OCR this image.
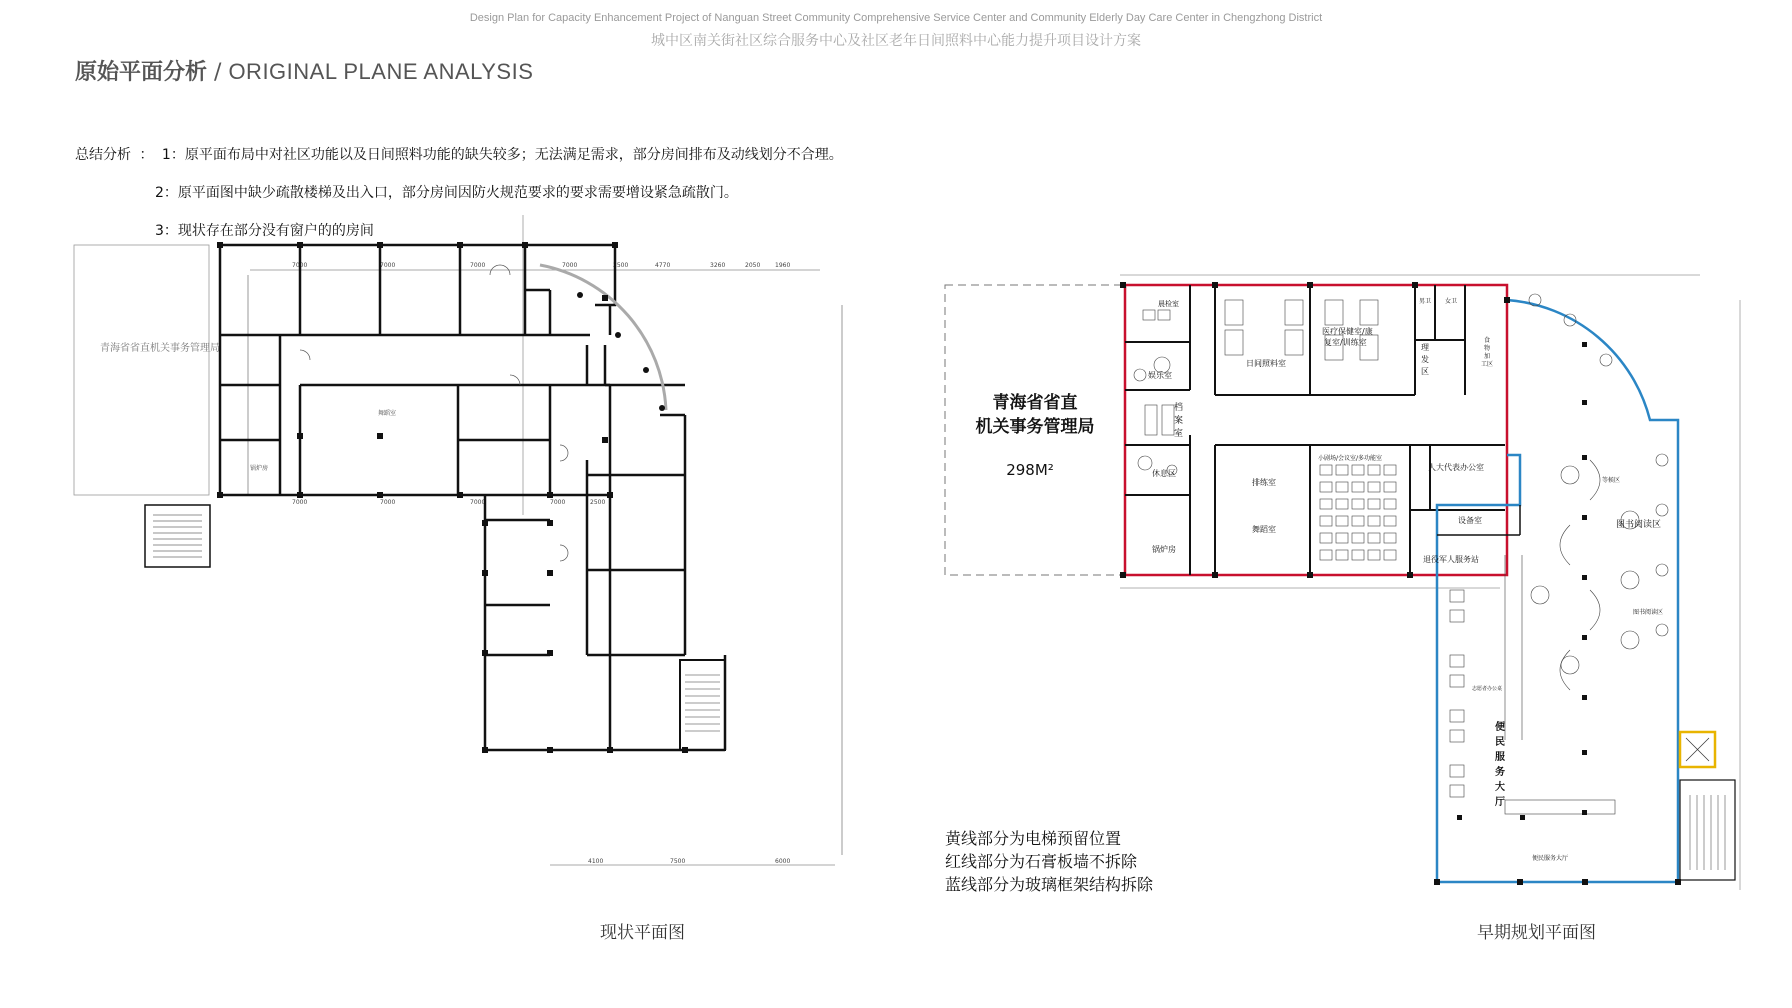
Design Plan for Capacity Enhancement Project of Nanguan Street Community Comprehensive Service Center and Community Elderly Day Care Center in Chengzhong District
城中区南关街社区综合服务中心及社区老年日间照料中心能力提升项目设计方案
原始平面分析 / ORIGINAL PLANE ANALYSIS
总结分析 ： 1：原平面布局中对社区功能以及日间照料功能的缺失较多；无法满足需求，部分房间排布及动线划分不合理。
2：原平面图中缺少疏散楼梯及出入口，部分房间因防火规范要求的要求需要增设紧急疏散门。
3：现状存在部分没有窗户的的房间
7000	7000	7000	7000	2500	4770	3260	2050 1960
7000	7000	7000	7000	2500
4100	7500	6000
青海省省直机关事务管理局
锅炉房
舞蹈室
现状平面图
青海省省直
机关事务管理局
298M²
晨检室
娱乐室
档
案
室
休息区
锅炉房
日间照料室
医疗保健室/康
复室/训练室
理
发
区
男卫 女卫
食
物
加
工区
排练室
舞蹈室
小剧场/会议室/多功能室
人大代表办公室
退役军人服务站
设备室	图书阅读区
图书阅读区
便
民
服
务
大
厅
便民服务大厅
志愿者办公桌
等候区
早期规划平面图
黄线部分为电梯预留位置
红线部分为石膏板墙不拆除
蓝线部分为玻璃框架结构拆除
